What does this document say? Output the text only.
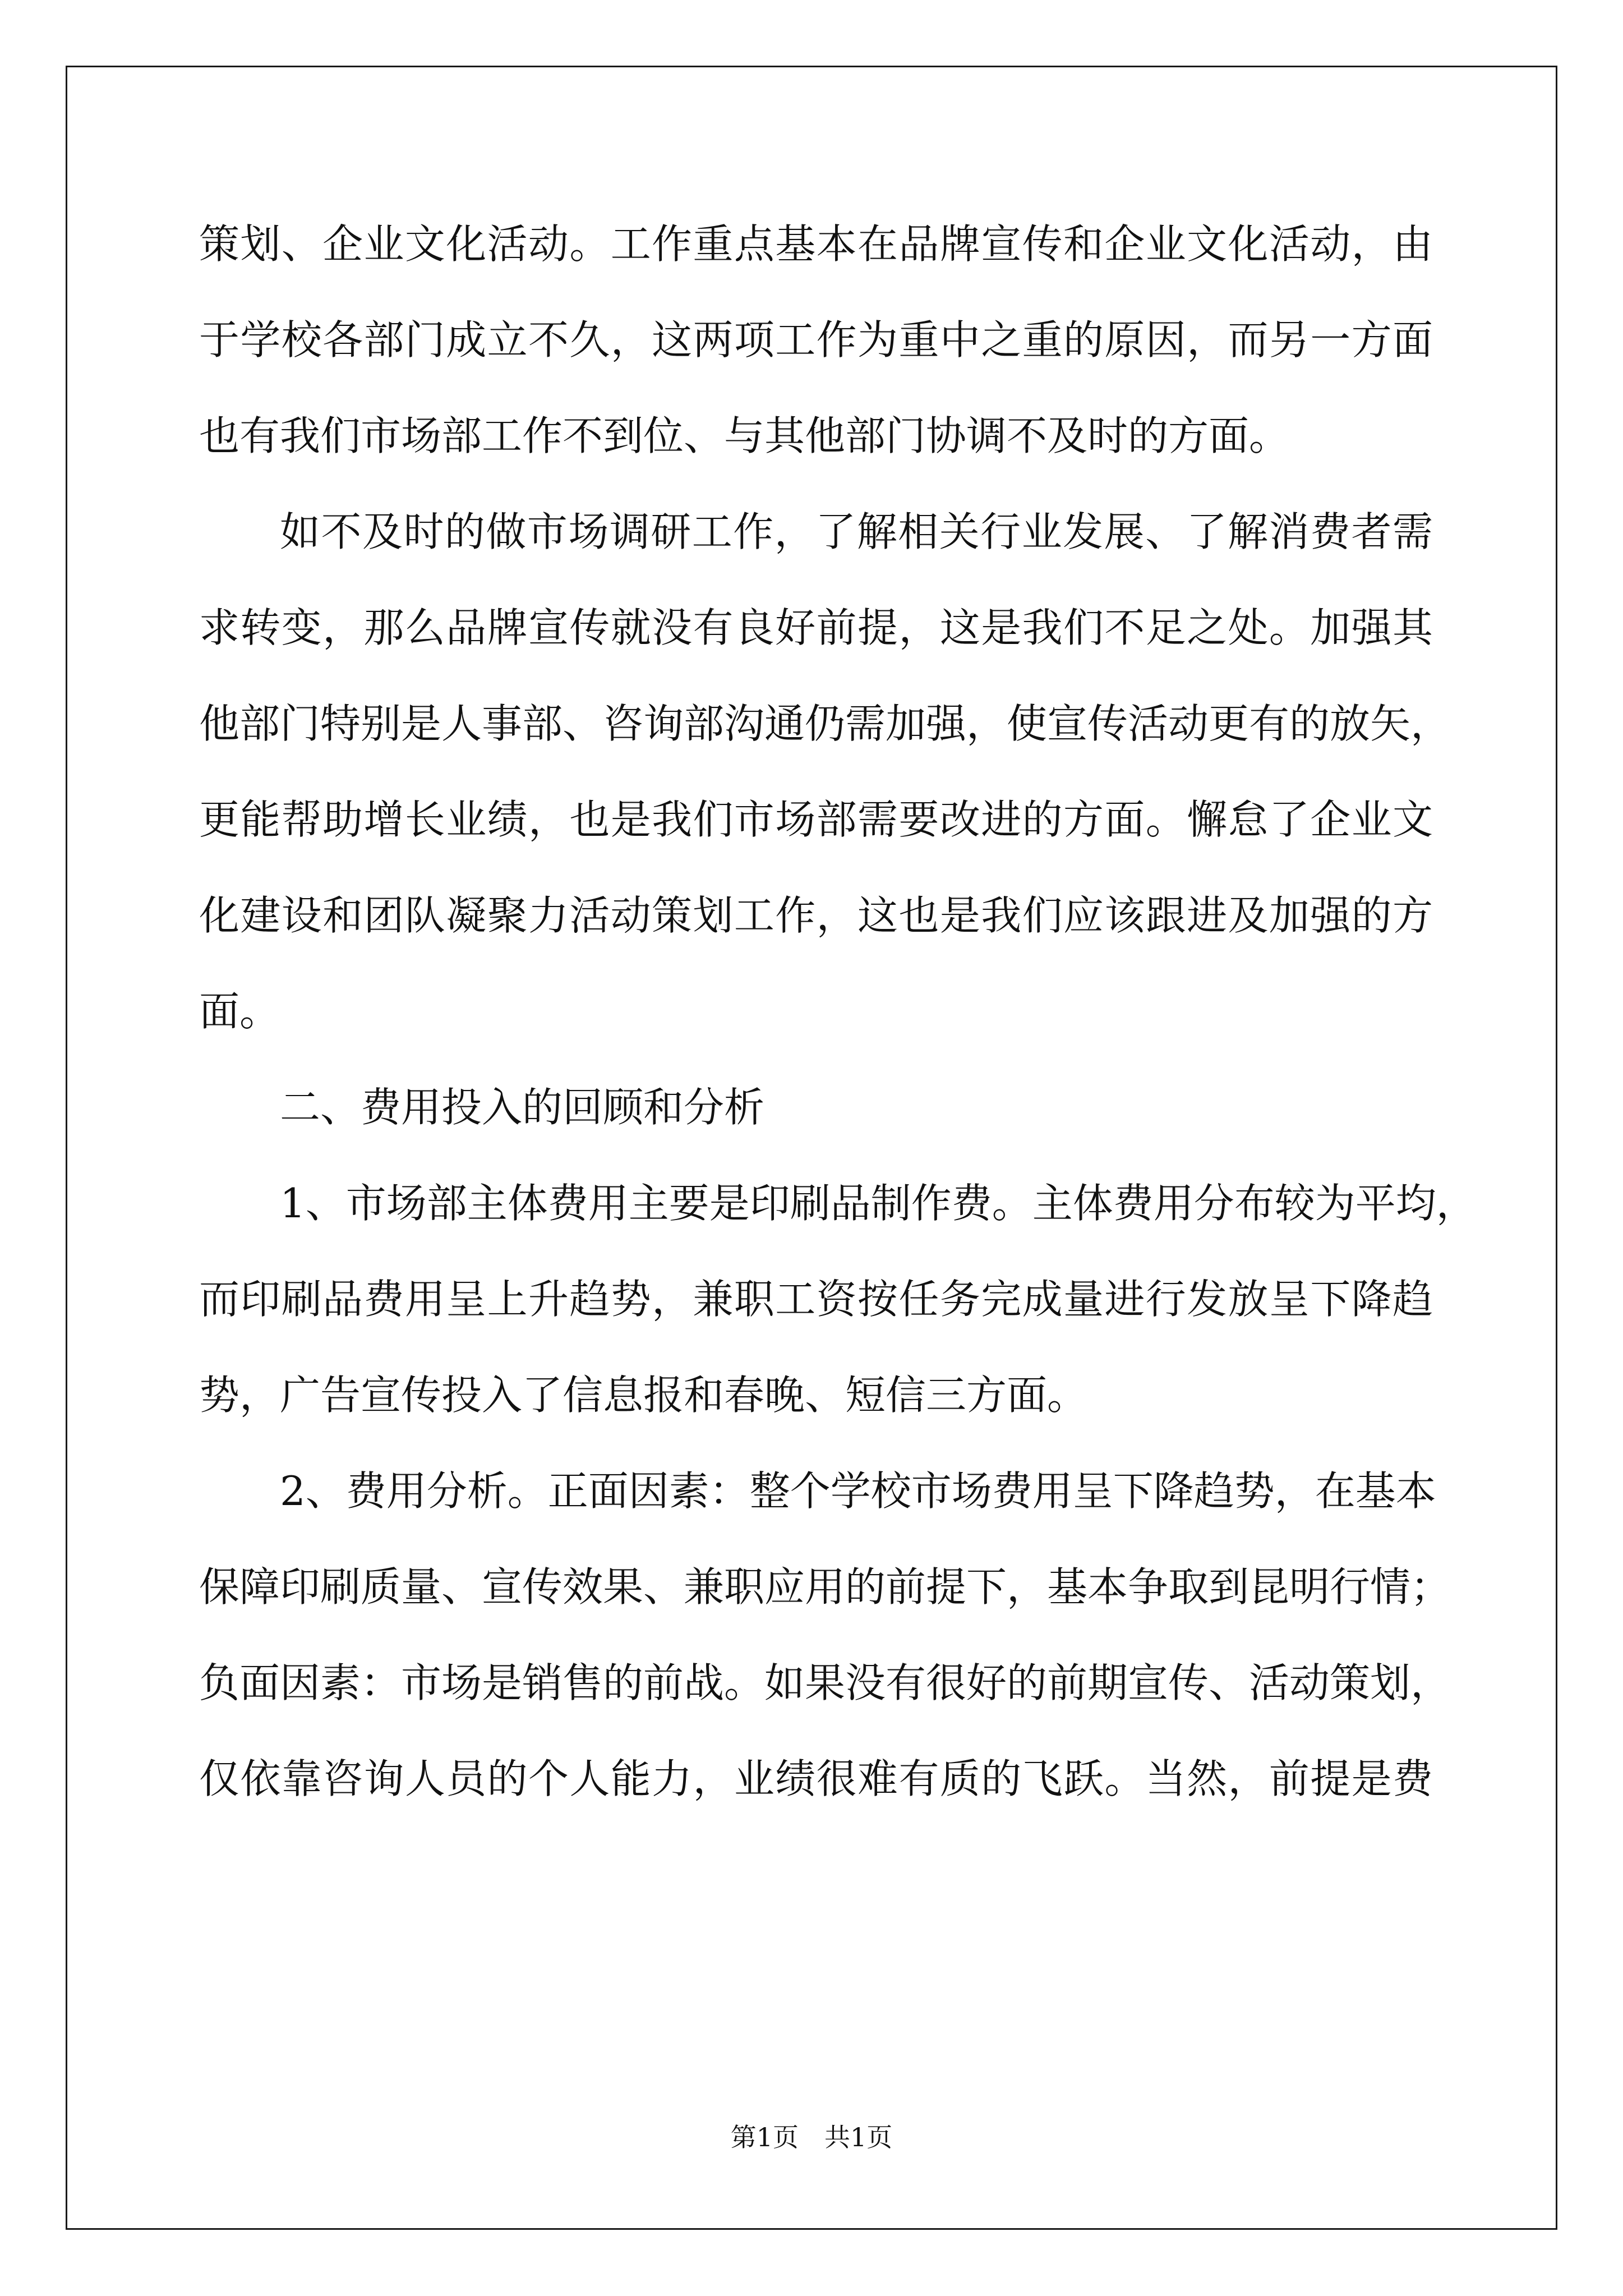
策划、企业文化活动。工作重点基本在品牌宣传和企业文化活动，由
于学校各部门成立不久，这两项工作为重中之重的原因，而另一方面
也有我们市场部工作不到位、与其他部门协调不及时的方面。
如不及时的做市场调研工作，了解相关行业发展、了解消费者需
求转变，那么品牌宣传就没有良好前提，这是我们不足之处。加强其
他部门特别是人事部、咨询部沟通仍需加强，使宣传活动更有的放矢，
更能帮助增长业绩，也是我们市场部需要改进的方面。懈怠了企业文
化建设和团队凝聚力活动策划工作，这也是我们应该跟进及加强的方
面。
二、费用投入的回顾和分析
1、市场部主体费用主要是印刷品制作费。主体费用分布较为平均，
而印刷品费用呈上升趋势，兼职工资按任务完成量进行发放呈下降趋
势，广告宣传投入了信息报和春晚、短信三方面。
2、费用分析。正面因素：整个学校市场费用呈下降趋势，在基本
保障印刷质量、宣传效果、兼职应用的前提下，基本争取到昆明行情；
负面因素：市场是销售的前战。如果没有很好的前期宣传、活动策划，
仅依靠咨询人员的个人能力，业绩很难有质的飞跃。当然，前提是费
第1页　共1页
